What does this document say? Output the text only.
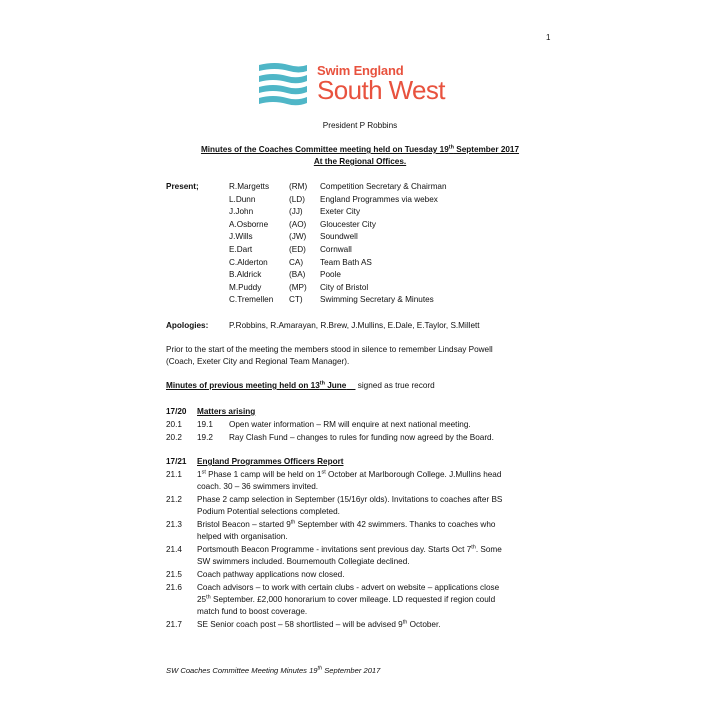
1
Swim England
South West
President P Robbins
Minutes of the Coaches Committee meeting held on Tuesday 19th September 2017
At the Regional Offices.
Present;	R.Margetts (RM) Competition Secretary & Chairman
L.Dunn	(LD) England Programmes via webex
J.John	(JJ) Exeter City
A.Osborne	(AO) Gloucester City
J.Wills	(JW) Soundwell
E.Dart	(ED) Cornwall
C.Alderton	CA) Team Bath AS
B.Aldrick	(BA) Poole
M.Puddy	(MP) City of Bristol
C.Tremellen CT) Swimming Secretary & Minutes
Apologies:	P.Robbins, R.Amarayan, R.Brew, J.Mullins, E.Dale, E.Taylor, S.Millett
Prior to the start of the meeting the members stood in silence to remember Lindsay Powell
(Coach, Exeter City and Regional Team Manager).
Minutes of previous meeting held on 13th June signed as true record
17/20 Matters arising
20.1 19.1 Open water information – RM will enquire at next national meeting.
20.2 19.2 Ray Clash Fund – changes to rules for funding now agreed by the Board.
17/21 England Programmes Officers Report
21.1 1st Phase 1 camp will be held on 1st October at Marlborough College. J.Mullins head
coach. 30 – 36 swimmers invited.
21.2 Phase 2 camp selection in September (15/16yr olds). Invitations to coaches after BS
Podium Potential selections completed.
21.3 Bristol Beacon – started 9th September with 42 swimmers. Thanks to coaches who
helped with organisation.
21.4 Portsmouth Beacon Programme - invitations sent previous day. Starts Oct 7th. Some
SW swimmers included. Bournemouth Collegiate declined.
21.5 Coach pathway applications now closed.
21.6 Coach advisors – to work with certain clubs - advert on website – applications close
25th September. £2,000 honorarium to cover mileage. LD requested if region could
match fund to boost coverage.
21.7 SE Senior coach post – 58 shortlisted – will be advised 9th October.
SW Coaches Committee Meeting Minutes 19th September 2017
